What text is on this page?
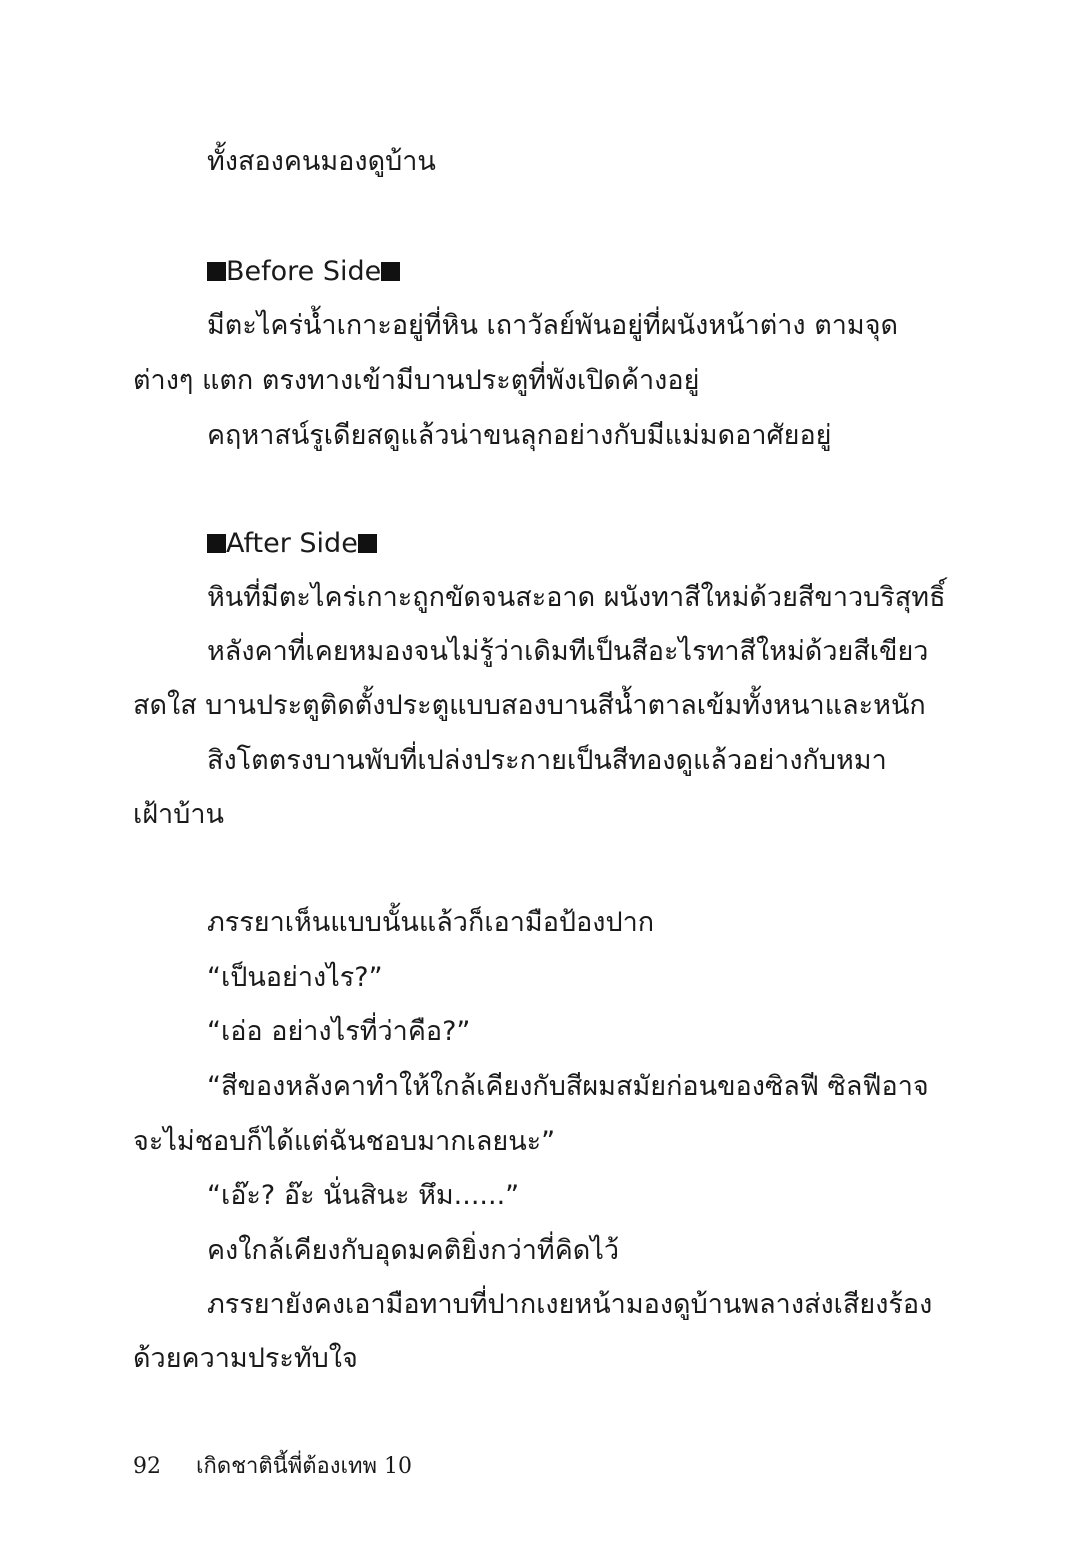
ทั้งสองคนมองดูบ้าน
Before Side
มีตะไคร่น้ำเกาะอยู่ที่หิน เถาวัลย์พันอยู่ที่ผนังหน้าต่าง ตามจุด
ต่างๆ แตก ตรงทางเข้ามีบานประตูที่พังเปิดค้างอยู่
คฤหาสน์รูเดียสดูแล้วน่าขนลุกอย่างกับมีแม่มดอาศัยอยู่
After Side
หินที่มีตะไคร่เกาะถูกขัดจนสะอาด ผนังทาสีใหม่ด้วยสีขาวบริสุทธิ์
หลังคาที่เคยหมองจนไม่รู้ว่าเดิมทีเป็นสีอะไรทาสีใหม่ด้วยสีเขียว
สดใส บานประตูติดตั้งประตูแบบสองบานสีน้ำตาลเข้มทั้งหนาและหนัก
สิงโตตรงบานพับที่เปล่งประกายเป็นสีทองดูแล้วอย่างกับหมา
เฝ้าบ้าน
ภรรยาเห็นแบบนั้นแล้วก็เอามือป้องปาก
“เป็นอย่างไร?”
“เอ่อ อย่างไรที่ว่าคือ?”
“สีของหลังคาทำให้ใกล้เคียงกับสีผมสมัยก่อนของซิลฟี ซิลฟีอาจ
จะไม่ชอบก็ได้แต่ฉันชอบมากเลยนะ”
“เอ๊ะ? อ๊ะ นั่นสินะ หึม......”
คงใกล้เคียงกับอุดมคติยิ่งกว่าที่คิดไว้
ภรรยายังคงเอามือทาบที่ปากเงยหน้ามองดูบ้านพลางส่งเสียงร้อง
ด้วยความประทับใจ
92 เกิดชาตินี้พี่ต้องเทพ 10
